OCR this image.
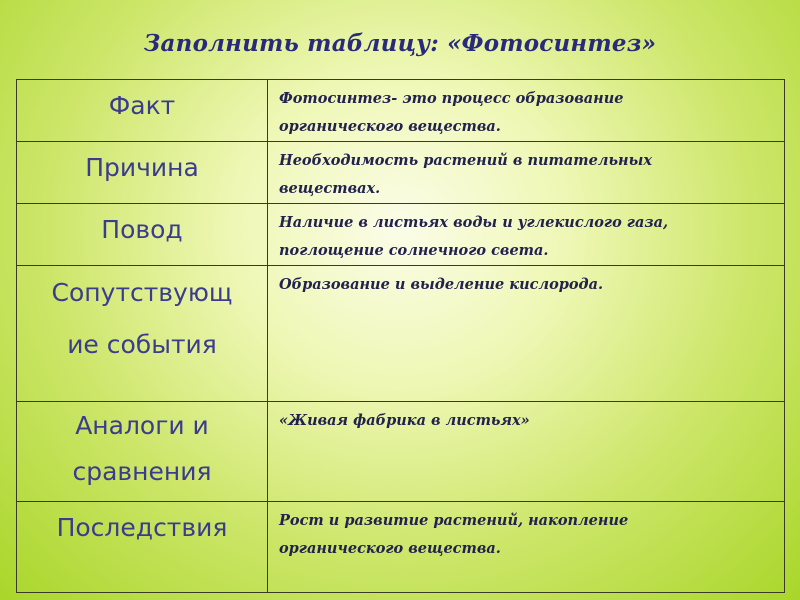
Заполнить таблицу: «Фотосинтез»
Факт	Фотосинтез- это процесс образование
органического вещества.

Причина	Необходимость растений в питательных
веществах.

Повод	Наличие в листьях воды и углекислого газа,
поглощение солнечного света.

Сопутствующ
ие события	Образование и выделение кислорода.

Аналоги и
сравнения	«Живая фабрика в листьях»

Последствия	Рост и развитие растений, накопление
органического вещества.
